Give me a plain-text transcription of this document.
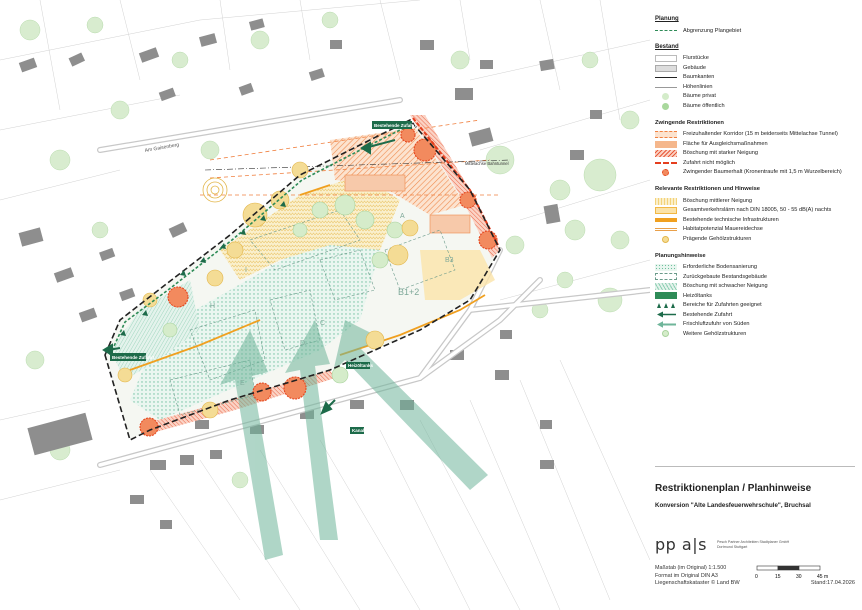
Am Gaisenberg
Mittelachse Bahntunnel
Bestehende Zufahrt
Bestehende Zufahrt
Kanal
Heizöltanks
B1+2
B3
A
C
D
E
I
H
Planung
Abgrenzung Plangebiet
Bestand
Flurstücke
Gebäude
Baumkanten
Höhenlinien
Bäume privat
Bäume öffentlich
Zwingende Restriktionen
Freizuhaltender Korridor (15 m beiderseits Mittelachse Tunnel)
Fläche für Ausgleichsmaßnahmen
Böschung mit starker Neigung
Zufahrt nicht möglich
Zwingender Baumerhalt (Kronentraufe mit 1,5 m Wurzelbereich)
Relevante Restriktionen und Hinweise
Böschung mittlerer Neigung
Gesamtverkehrslärm nach DIN 18005, 50 - 55 dB(A) nachts
Bestehende technische Infrastrukturen
Habitatpotenzial Mauereidechse
Prägende Gehölzstrukturen
Planungshinweise
Erforderliche Bodensanierung
Zurückgebaute Bestandsgebäude
Böschung mit schwacher Neigung
Heizöltanks
Bereiche für Zufahrten geeignet
Bestehende Zufahrt
Frischluftzufuhr von Süden
Weitere Gehölzstrukturen
Restriktionenplan / Planhinweise
Konversion "Alte Landesfeuerwehrschule", Bruchsal
pp a|s	Pesch Partner Architekten Stadtplaner GmbH
Dortmund Stuttgart
Maßstab (im Original) 1:1.500
Format im Original DIN A3	0	15	30	45 m
Liegenschaftskataster © Land BW	Stand:17.04.2026
